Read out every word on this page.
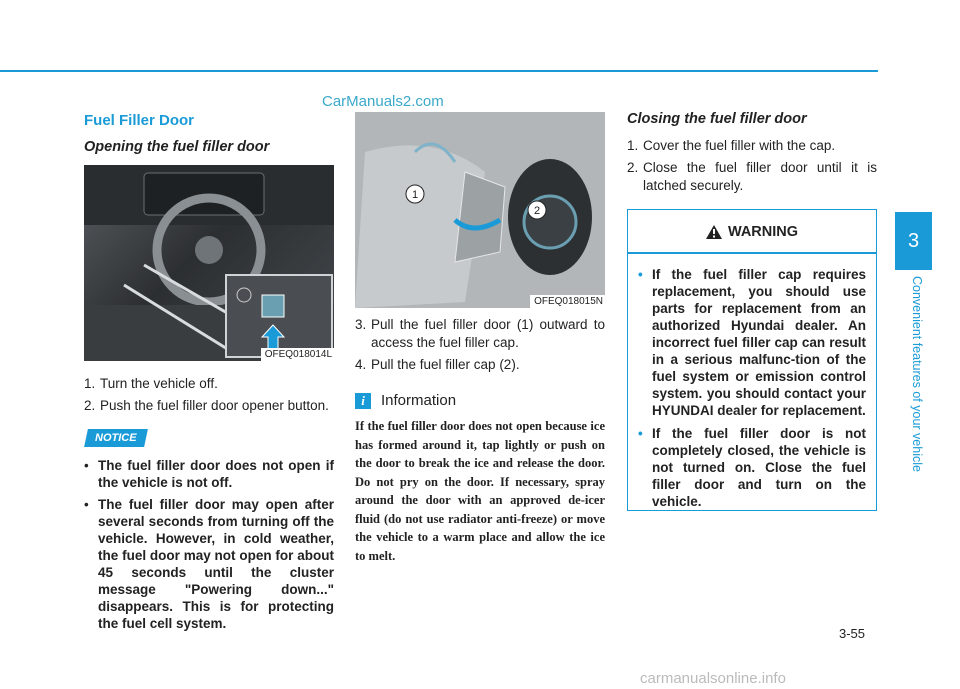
CarManuals2.com
Fuel Filler Door
Opening the fuel filler door
OFEQ018014L
1. Turn the vehicle off.
2. Push the fuel filler door opener button.
NOTICE
• The fuel filler door does not open if the vehicle is not off.
• The fuel filler door may open after several seconds from turning off the vehicle. However, in cold weather, the fuel door may not open for about 45 seconds until the cluster message "Powering down..." disappears. This is for protecting the fuel cell system.
1
2
OFEQ018015N
3. Pull the fuel filler door (1) outward to access the fuel filler cap.
4. Pull the fuel filler cap (2).
i	Information

If the fuel filler door does not open because ice has formed around it, tap lightly or push on the door to break the ice and release the door. Do not pry on the door. If necessary, spray around the door with an approved de-icer fluid (do not use radiator anti-freeze) or move the vehicle to a warm place and allow the ice to melt.

Closing the fuel filler door
1. Cover the fuel filler with the cap.
2. Close the fuel filler door until it is latched securely.
WARNING
• If the fuel filler cap requires replacement, you should use parts for replacement from an authorized Hyundai dealer. An incorrect fuel filler cap can result in a serious malfunc-tion of the fuel system or emission control system. you should contact your HYUNDAI dealer for replacement.
• If the fuel filler door is not completely closed, the vehicle is not turned on. Close the fuel filler door and turn on the vehicle.
3
Convenient features of your vehicle
3-55
carmanualsonline.info
